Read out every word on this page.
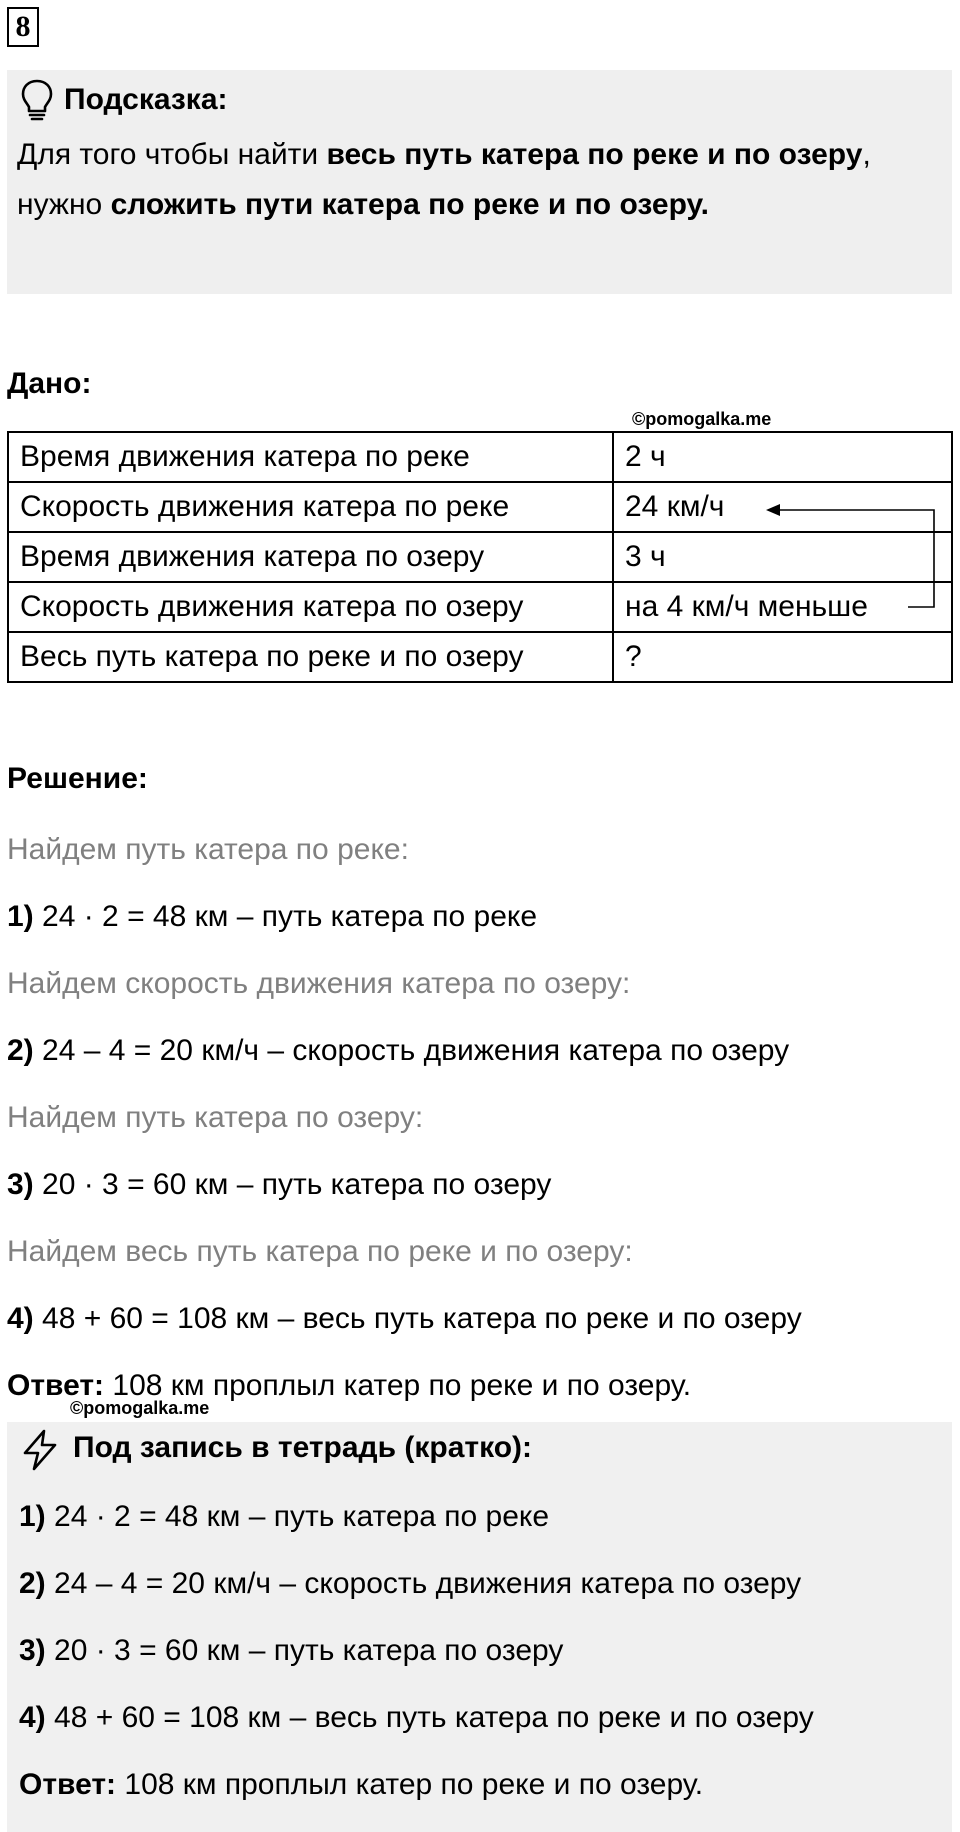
8
Подсказка:
Для того чтобы найти весь путь катера по реке и по озеру,
нужно сложить пути катера по реке и по озеру.
Дано:
©pomogalka.me
Время движения катера по реке	2 ч
Скорость движения катера по реке	24 км/ч
Время движения катера по озеру	3 ч
Скорость движения катера по озеру	на 4 км/ч меньше
Весь путь катера по реке и по озеру	?
Решение:
Найдем путь катера по реке:
1) 24 · 2 = 48 км – путь катера по реке
Найдем скорость движения катера по озеру:
2) 24 – 4 = 20 км/ч – скорость движения катера по озеру
Найдем путь катера по озеру:
3) 20 · 3 = 60 км – путь катера по озеру
Найдем весь путь катера по реке и по озеру:
4) 48 + 60 = 108 км – весь путь катера по реке и по озеру
Ответ: 108 км проплыл катер по реке и по озеру.
©pomogalka.me
Под запись в тетрадь (кратко):
1) 24 · 2 = 48 км – путь катера по реке
2) 24 – 4 = 20 км/ч – скорость движения катера по озеру
3) 20 · 3 = 60 км – путь катера по озеру
4) 48 + 60 = 108 км – весь путь катера по реке и по озеру
Ответ: 108 км проплыл катер по реке и по озеру.
